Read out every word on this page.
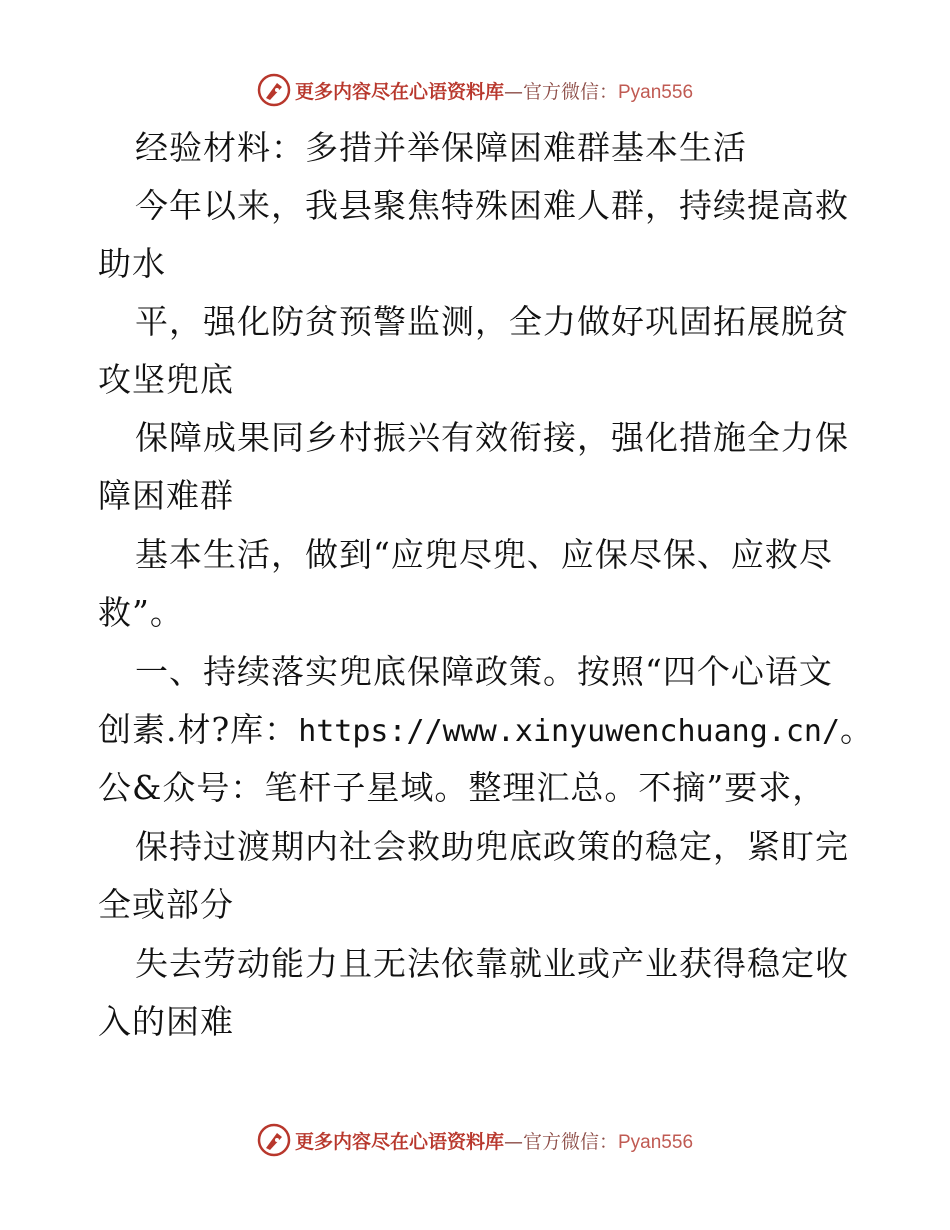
更多内容尽在心语资料库—官方微信：Pyan556
经验材料：多措并举保障困难群基本生活
今年以来，我县聚焦特殊困难人群，持续提高救
助水
平，强化防贫预警监测，全力做好巩固拓展脱贫
攻坚兜底
保障成果同乡村振兴有效衔接，强化措施全力保
障困难群
基本生活，做到“应兜尽兜、应保尽保、应救尽
救”。
一、持续落实兜底保障政策。按照“四个心语文
创素.材?库：https://www.xinyuwenchuang.cn/。
公&众号：笔杆子星域。整理汇总。不摘”要求，
保持过渡期内社会救助兜底政策的稳定，紧盯完
全或部分
失去劳动能力且无法依靠就业或产业获得稳定收
入的困难
更多内容尽在心语资料库—官方微信：Pyan556
